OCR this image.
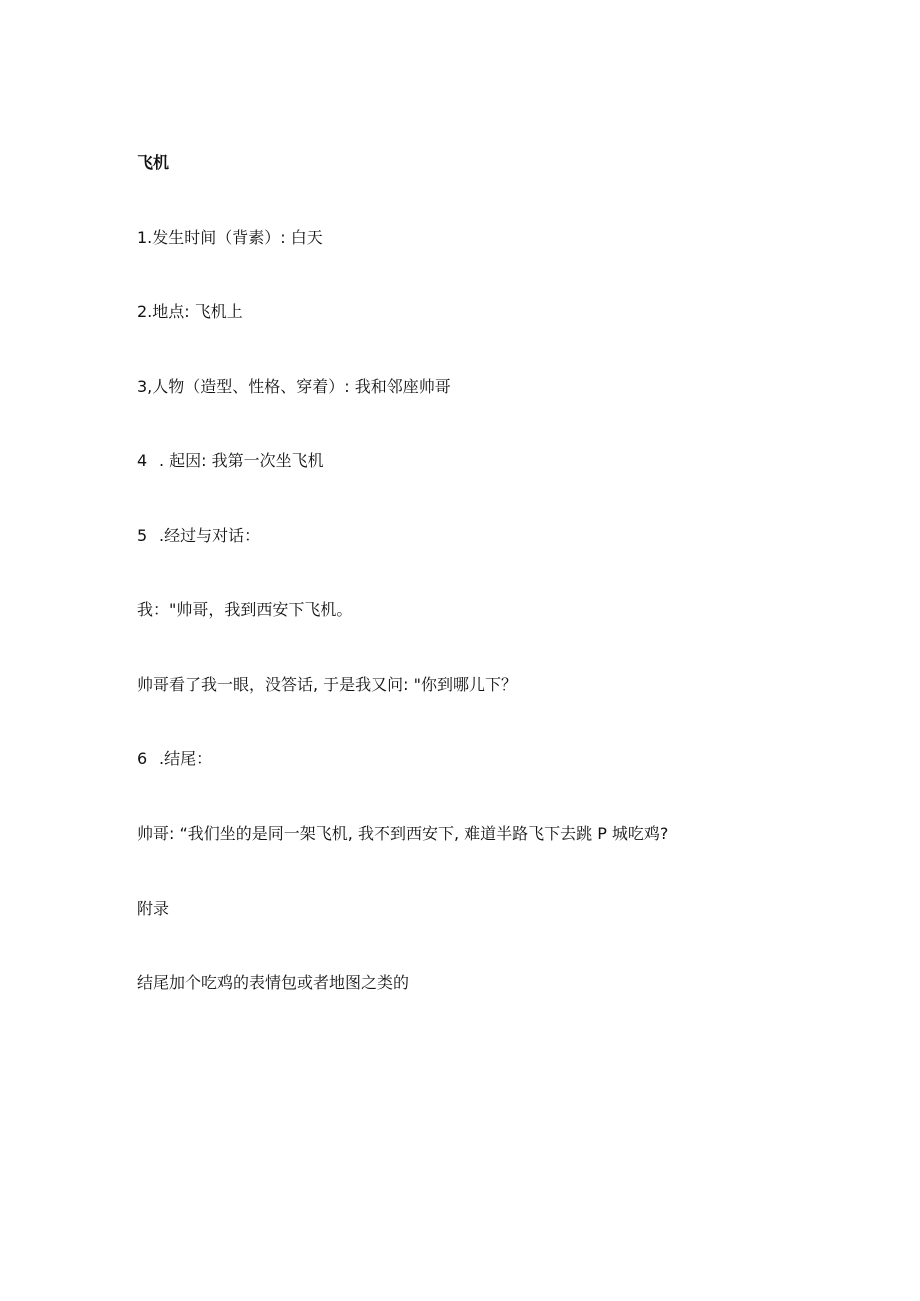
飞机
1.发生时间（背素）: 白天
2.地点: 飞机上
3,人物（造型、性格、穿着）: 我和邻座帅哥
4 . 起因: 我第一次坐飞机
5 .经过与对话：
我："帅哥，我到西安下飞机。
帅哥看了我一眼，没答话, 于是我又问: "你到哪儿下？
6 .结尾：
帅哥: “我们坐的是同一架飞机, 我不到西安下, 难道半路飞下去跳 P 城吃鸡?
附录
结尾加个吃鸡的表情包或者地图之类的
